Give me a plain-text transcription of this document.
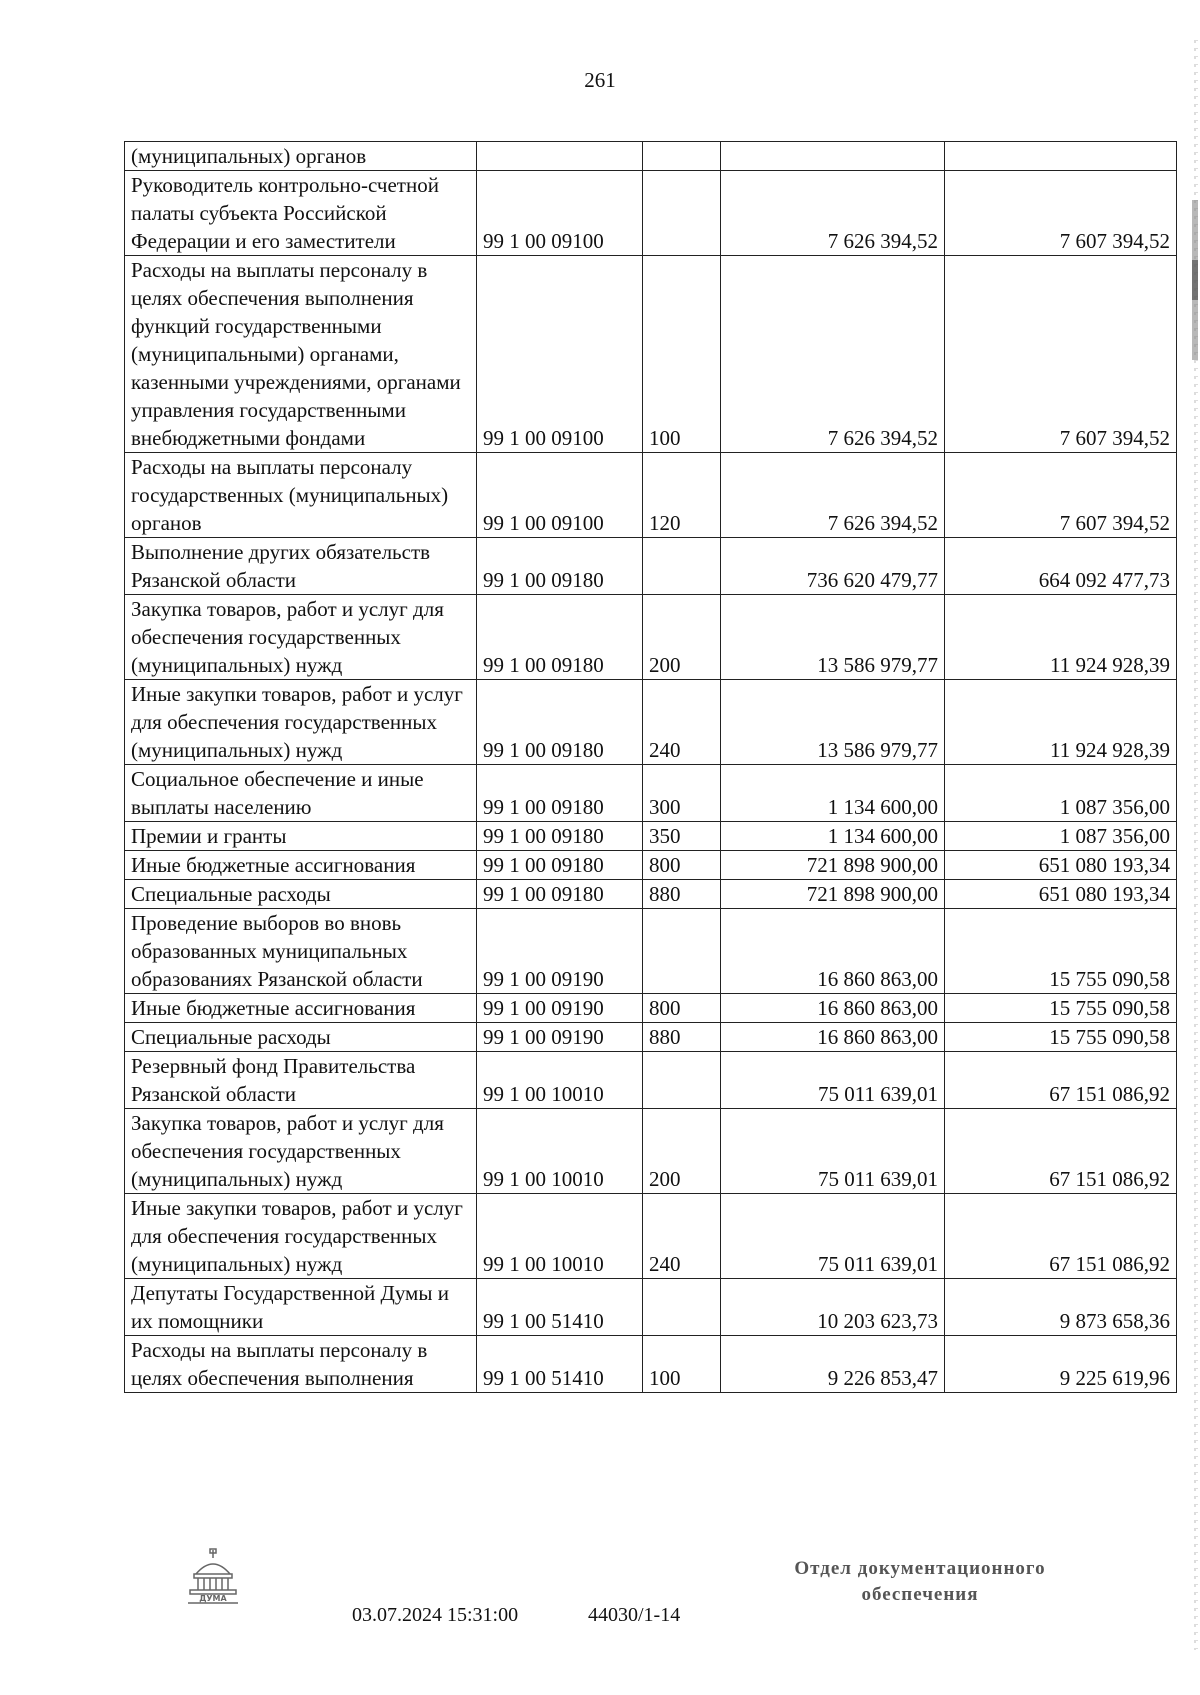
261
(муниципальных) органов				
Руководитель контрольно-счетной палаты субъекта Российской Федерации и его заместители	99 1 00 09100		7 626 394,52	7 607 394,52
Расходы на выплаты персоналу в целях обеспечения выполнения функций государственными (муниципальными) органами, казенными учреждениями, органами управления государственными внебюджетными фондами	99 1 00 09100	100	7 626 394,52	7 607 394,52
Расходы на выплаты персоналу государственных (муниципальных) органов	99 1 00 09100	120	7 626 394,52	7 607 394,52
Выполнение других обязательств Рязанской области	99 1 00 09180		736 620 479,77	664 092 477,73
Закупка товаров, работ и услуг для обеспечения государственных (муниципальных) нужд	99 1 00 09180	200	13 586 979,77	11 924 928,39
Иные закупки товаров, работ и услуг для обеспечения государственных (муниципальных) нужд	99 1 00 09180	240	13 586 979,77	11 924 928,39
Социальное обеспечение и иные выплаты населению	99 1 00 09180	300	1 134 600,00	1 087 356,00
Премии и гранты	99 1 00 09180	350	1 134 600,00	1 087 356,00
Иные бюджетные ассигнования	99 1 00 09180	800	721 898 900,00	651 080 193,34
Специальные расходы	99 1 00 09180	880	721 898 900,00	651 080 193,34
Проведение выборов во вновь образованных муниципальных образованиях Рязанской области	99 1 00 09190		16 860 863,00	15 755 090,58
Иные бюджетные ассигнования	99 1 00 09190	800	16 860 863,00	15 755 090,58
Специальные расходы	99 1 00 09190	880	16 860 863,00	15 755 090,58
Резервный фонд Правительства Рязанской области	99 1 00 10010		75 011 639,01	67 151 086,92
Закупка товаров, работ и услуг для обеспечения государственных (муниципальных) нужд	99 1 00 10010	200	75 011 639,01	67 151 086,92
Иные закупки товаров, работ и услуг для обеспечения государственных (муниципальных) нужд	99 1 00 10010	240	75 011 639,01	67 151 086,92
Депутаты Государственной Думы и их помощники	99 1 00 51410		10 203 623,73	9 873 658,36
Расходы на выплаты персоналу в целях обеспечения выполнения	99 1 00 51410	100	9 226 853,47	9 225 619,96
ДУМА
03.07.2024 15:31:00	44030/1-14
Отдел документационного
обеспечения
